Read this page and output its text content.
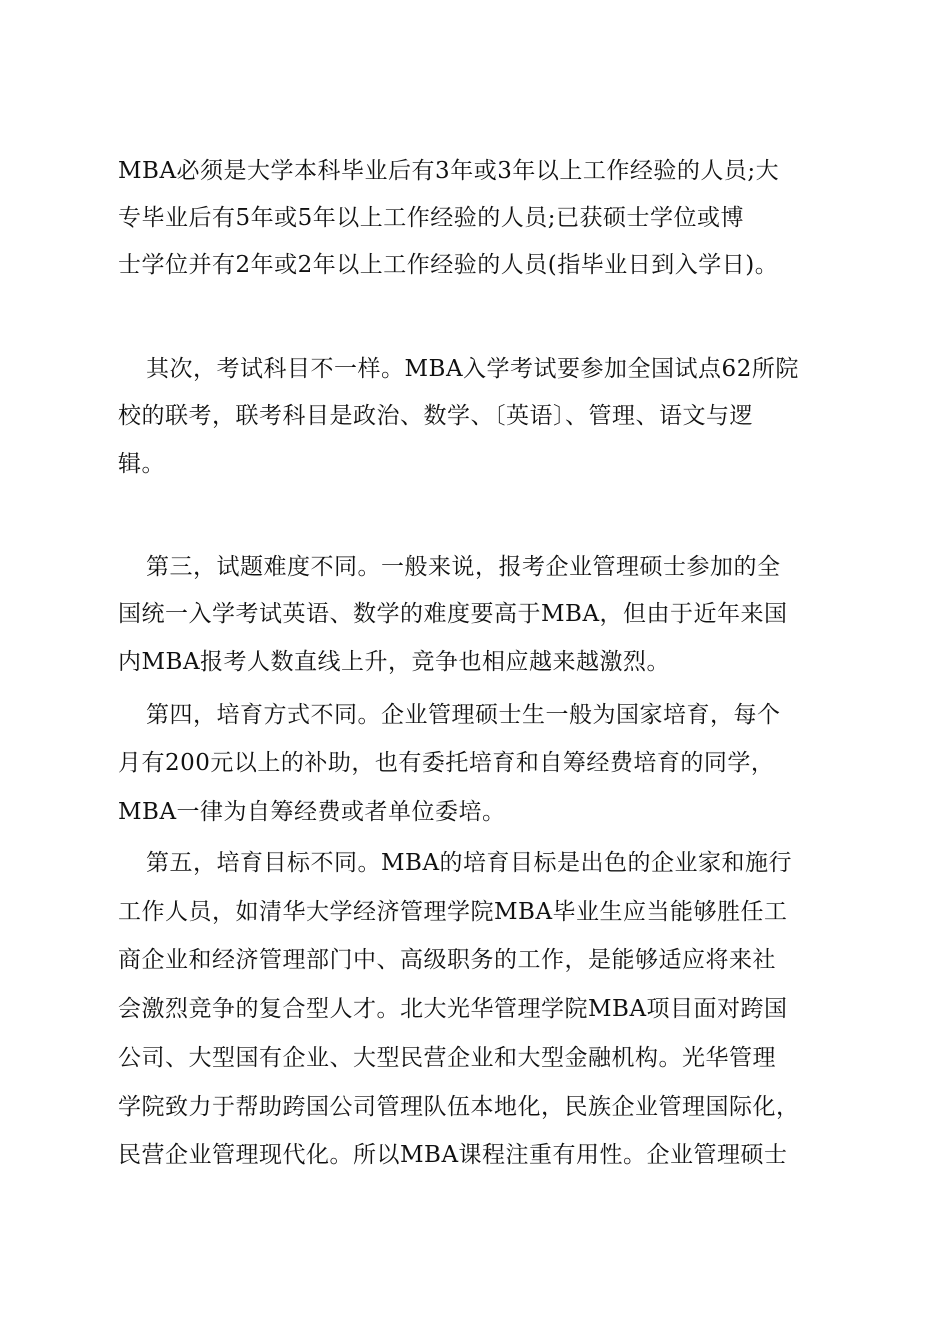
MBA必须是大学本科毕业后有3年或3年以上工作经验的人员;大
专毕业后有5年或5年以上工作经验的人员;已获硕士学位或博
士学位并有2年或2年以上工作经验的人员(指毕业日到入学日)。
其次，考试科目不一样。MBA入学考试要参加全国试点62所院
校的联考，联考科目是政治、数学、〔英语〕、管理、语文与逻
辑。
第三，试题难度不同。一般来说，报考企业管理硕士参加的全
国统一入学考试英语、数学的难度要高于MBA，但由于近年来国
内MBA报考人数直线上升，竞争也相应越来越激烈。
第四，培育方式不同。企业管理硕士生一般为国家培育，每个
月有200元以上的补助，也有委托培育和自筹经费培育的同学，
MBA一律为自筹经费或者单位委培。
第五，培育目标不同。MBA的培育目标是出色的企业家和施行
工作人员，如清华大学经济管理学院MBA毕业生应当能够胜任工
商企业和经济管理部门中、高级职务的工作，是能够适应将来社
会激烈竞争的复合型人才。北大光华管理学院MBA项目面对跨国
公司、大型国有企业、大型民营企业和大型金融机构。光华管理
学院致力于帮助跨国公司管理队伍本地化，民族企业管理国际化，
民营企业管理现代化。所以MBA课程注重有用性。企业管理硕士
